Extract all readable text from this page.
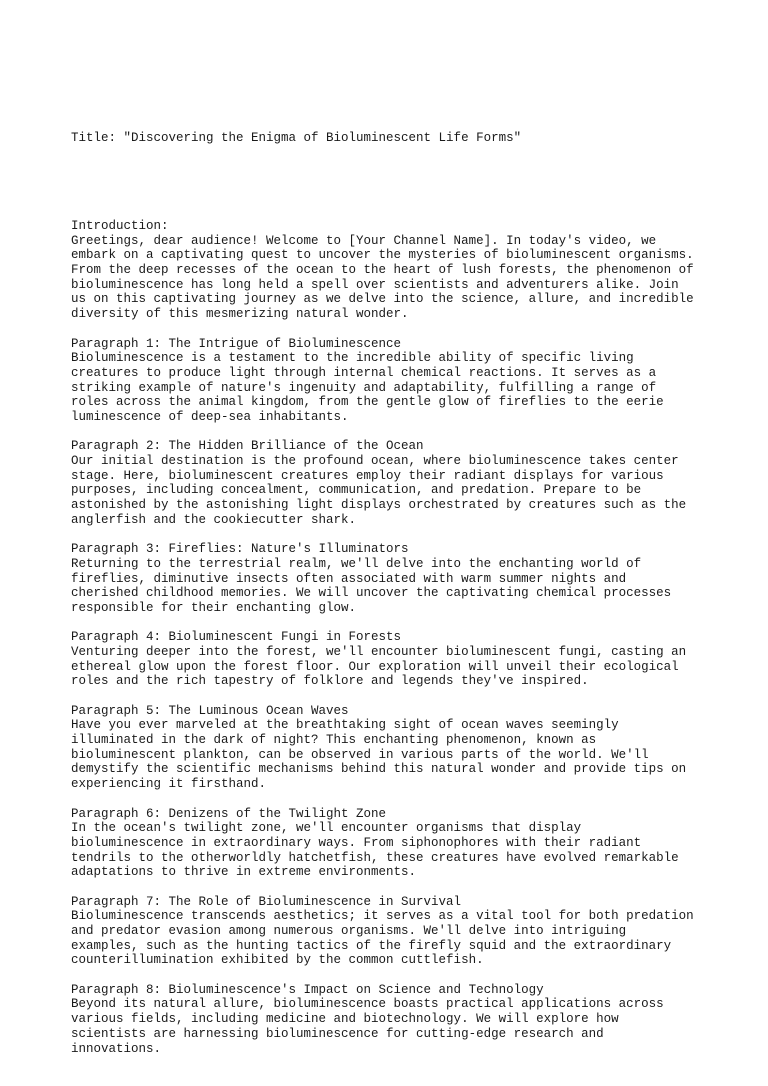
Title: "Discovering the Enigma of Bioluminescent Life Forms"

Introduction:
Greetings, dear audience! Welcome to [Your Channel Name]. In today's video, we
embark on a captivating quest to uncover the mysteries of bioluminescent organisms.
From the deep recesses of the ocean to the heart of lush forests, the phenomenon of
bioluminescence has long held a spell over scientists and adventurers alike. Join
us on this captivating journey as we delve into the science, allure, and incredible
diversity of this mesmerizing natural wonder.
Paragraph 1: The Intrigue of Bioluminescence
Bioluminescence is a testament to the incredible ability of specific living
creatures to produce light through internal chemical reactions. It serves as a
striking example of nature's ingenuity and adaptability, fulfilling a range of
roles across the animal kingdom, from the gentle glow of fireflies to the eerie
luminescence of deep-sea inhabitants.
Paragraph 2: The Hidden Brilliance of the Ocean
Our initial destination is the profound ocean, where bioluminescence takes center
stage. Here, bioluminescent creatures employ their radiant displays for various
purposes, including concealment, communication, and predation. Prepare to be
astonished by the astonishing light displays orchestrated by creatures such as the
anglerfish and the cookiecutter shark.
Paragraph 3: Fireflies: Nature's Illuminators
Returning to the terrestrial realm, we'll delve into the enchanting world of
fireflies, diminutive insects often associated with warm summer nights and
cherished childhood memories. We will uncover the captivating chemical processes
responsible for their enchanting glow.
Paragraph 4: Bioluminescent Fungi in Forests
Venturing deeper into the forest, we'll encounter bioluminescent fungi, casting an
ethereal glow upon the forest floor. Our exploration will unveil their ecological
roles and the rich tapestry of folklore and legends they've inspired.
Paragraph 5: The Luminous Ocean Waves
Have you ever marveled at the breathtaking sight of ocean waves seemingly
illuminated in the dark of night? This enchanting phenomenon, known as
bioluminescent plankton, can be observed in various parts of the world. We'll
demystify the scientific mechanisms behind this natural wonder and provide tips on
experiencing it firsthand.
Paragraph 6: Denizens of the Twilight Zone
In the ocean's twilight zone, we'll encounter organisms that display
bioluminescence in extraordinary ways. From siphonophores with their radiant
tendrils to the otherworldly hatchetfish, these creatures have evolved remarkable
adaptations to thrive in extreme environments.
Paragraph 7: The Role of Bioluminescence in Survival
Bioluminescence transcends aesthetics; it serves as a vital tool for both predation
and predator evasion among numerous organisms. We'll delve into intriguing
examples, such as the hunting tactics of the firefly squid and the extraordinary
counterillumination exhibited by the common cuttlefish.
Paragraph 8: Bioluminescence's Impact on Science and Technology
Beyond its natural allure, bioluminescence boasts practical applications across
various fields, including medicine and biotechnology. We will explore how
scientists are harnessing bioluminescence for cutting-edge research and
innovations.
